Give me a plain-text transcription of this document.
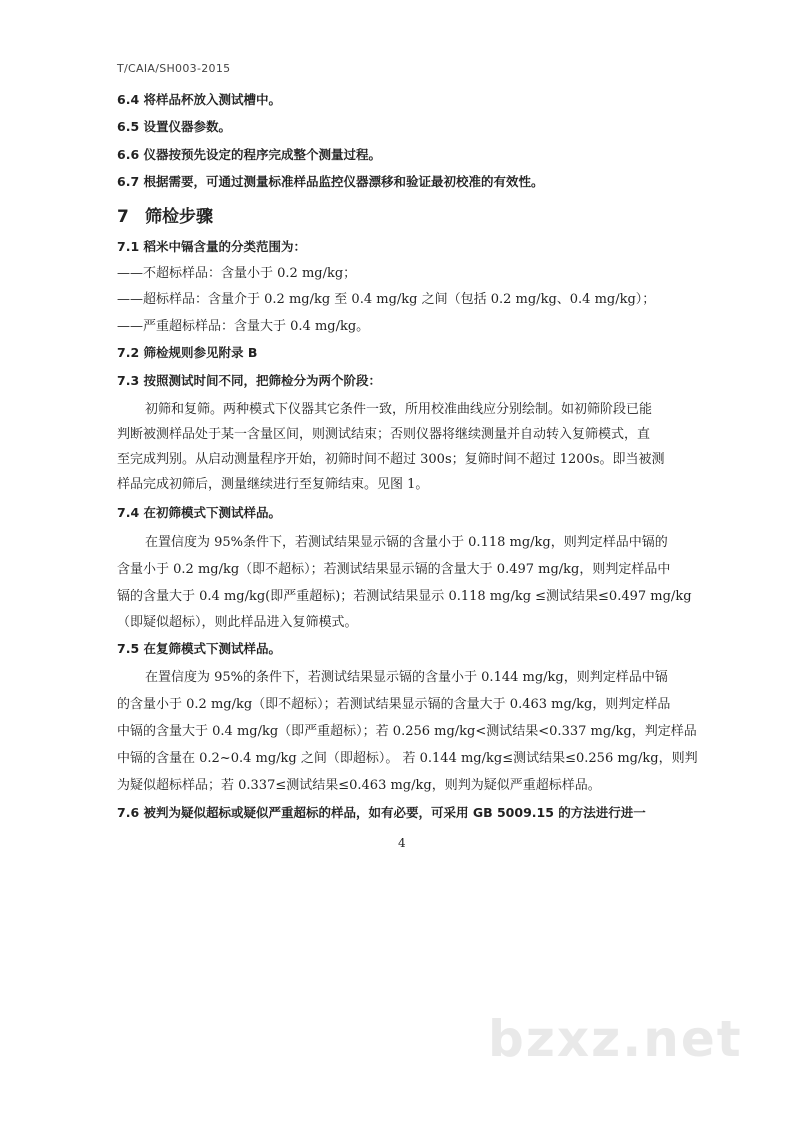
T/CAIA/SH003-2015
6.4 将样品杯放入测试槽中。
6.5 设置仪器参数。
6.6 仪器按预先设定的程序完成整个测量过程。
6.7 根据需要，可通过测量标准样品监控仪器漂移和验证最初校准的有效性。
7 筛检步骤
7.1 稻米中镉含量的分类范围为：
——不超标样品：含量小于 0.2 mg/kg；
——超标样品：含量介于 0.2 mg/kg 至 0.4 mg/kg 之间（包括 0.2 mg/kg、0.4 mg/kg）；
——严重超标样品：含量大于 0.4 mg/kg。
7.2 筛检规则参见附录 B
7.3 按照测试时间不同，把筛检分为两个阶段：
初筛和复筛。两种模式下仪器其它条件一致，所用校准曲线应分别绘制。如初筛阶段已能
判断被测样品处于某一含量区间，则测试结束；否则仪器将继续测量并自动转入复筛模式，直
至完成判别。从启动测量程序开始，初筛时间不超过 300s；复筛时间不超过 1200s。即当被测
样品完成初筛后，测量继续进行至复筛结束。见图 1。
7.4 在初筛模式下测试样品。
在置信度为 95%条件下，若测试结果显示镉的含量小于 0.118 mg/kg，则判定样品中镉的
含量小于 0.2 mg/kg（即不超标）；若测试结果显示镉的含量大于 0.497 mg/kg，则判定样品中
镉的含量大于 0.4 mg/kg(即严重超标)；若测试结果显示 0.118 mg/kg ≤测试结果≤0.497 mg/kg
（即疑似超标），则此样品进入复筛模式。
7.5 在复筛模式下测试样品。
在置信度为 95%的条件下，若测试结果显示镉的含量小于 0.144 mg/kg，则判定样品中镉
的含量小于 0.2 mg/kg（即不超标）；若测试结果显示镉的含量大于 0.463 mg/kg，则判定样品
中镉的含量大于 0.4 mg/kg（即严重超标）；若 0.256 mg/kg<测试结果<0.337 mg/kg，判定样品
中镉的含量在 0.2~0.4 mg/kg 之间（即超标）。 若 0.144 mg/kg≤测试结果≤0.256 mg/kg，则判
为疑似超标样品；若 0.337≤测试结果≤0.463 mg/kg，则判为疑似严重超标样品。
7.6 被判为疑似超标或疑似严重超标的样品，如有必要，可采用 GB 5009.15 的方法进行进一
4
bzxz.net
